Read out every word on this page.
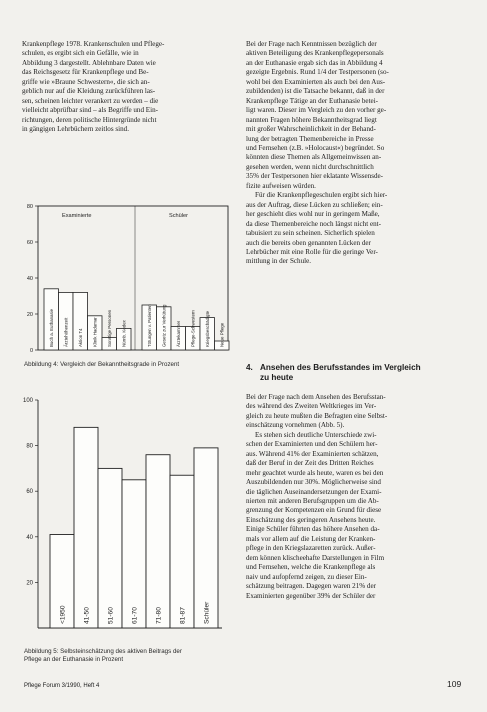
Krankenpflege 1978. Krankenschulen und Pflege-

schulen, es ergibt sich ein Gefälle, wie in

Abbildung 3 dargestellt. Ablehnbare Daten wie

das Reichsgesetz für Krankenpflege und Be-

griffe wie »Braune Schwestern«, die sich an-

geblich nur auf die Kleidung zurückführen las-

sen, scheinen leichter verankert zu werden – die

vielleicht abprüfbar sind – als Begriffe und Ein-

richtungen, deren politische Hintergründe nicht

in gängigen Lehrbüchern zeitlos sind.

0
20
40
60
80
Examinierte	Schüler
Buch a. Euthanasie Ärztehöhenzeit Aktion T4 Klinik Hadamar Sonstige Personen Nürnb. Kodex	Tötungen v. Patienten Gesetz zur Verhütung Ärztekammer Pflege-Schwestern Kriegsbeschädigte Neue Pflege
Abbildung 4: Vergleich der Bekanntheitsgrade in Prozent
20
40
60
80
100
<1950	41-50	51-60	61-70	71-80	81-87	Schüler
Abbildung 5: Selbsteinschätzung des aktiven Beitrags der
Pflege an der Euthanasie in Prozent

Bei der Frage nach Kenntnissen bezüglich der

aktiven Beteiligung des Krankenpflegepersonals

an der Euthanasie ergab sich das in Abbildung 4

gezeigte Ergebnis. Rund 1/4 der Testpersonen (so-

wohl bei den Examinierten als auch bei den Aus-

zubildenden) ist die Tatsache bekannt, daß in der

Krankenpflege Tätige an der Euthanasie betei-

ligt waren. Dieser im Vergleich zu den vorher ge-

nannten Fragen höhere Bekanntheitsgrad liegt

mit großer Wahrscheinlichkeit in der Behand-

lung der betragten Themenbereiche in Presse

und Fernsehen (z.B. »Holocaust«) begründet. So

könnten diese Themen als Allgemeinwissen an-

gesehen werden, wenn nicht durchschnittlich

35% der Testpersonen hier eklatante Wissensde-

fizite aufweisen würden.

Für die Krankenpflegeschulen ergibt sich hier-

aus der Auftrag, diese Lücken zu schließen; ein-

her geschieht dies wohl nur in geringem Maße,

da diese Themenbereiche noch längst nicht ent-

tabuisiert zu sein scheinen. Sicherlich spielen

auch die bereits oben genannten Lücken der

Lehrbücher mit eine Rolle für die geringe Ver-

mittlung in der Schule.

4. Ansehen des Berufsstandes im Vergleich
zu heute

Bei der Frage nach dem Ansehen des Berufsstan-

des während des Zweiten Weltkrieges im Ver-

gleich zu heute mußten die Befragten eine Selbst-

einschätzung vornehmen (Abb. 5).

Es stehen sich deutliche Unterschiede zwi-

schen der Examinierten und den Schülern her-

aus. Während 41% der Examinierten schätzen,

daß der Beruf in der Zeit des Dritten Reiches

mehr geachtet wurde als heute, waren es bei den

Auszubildenden nur 30%. Möglicherweise sind

die täglichen Auseinandersetzungen der Exami-

nierten mit anderen Berufsgruppen um die Ab-

grenzung der Kompetenzen ein Grund für diese

Einschätzung des geringeren Ansehens heute.

Einige Schüler führten das höhere Ansehen da-

mals vor allem auf die Leistung der Kranken-

pflege in den Kriegslazaretten zurück. Außer-

dem können klischeehafte Darstellungen in Film

und Fernsehen, welche die Krankenpflege als

naiv und aufopfernd zeigen, zu dieser Ein-

schätzung beitragen. Dagegen waren 21% der

Examinierten gegenüber 39% der Schüler der

Pflege Forum 3/1990, Heft 4	109
